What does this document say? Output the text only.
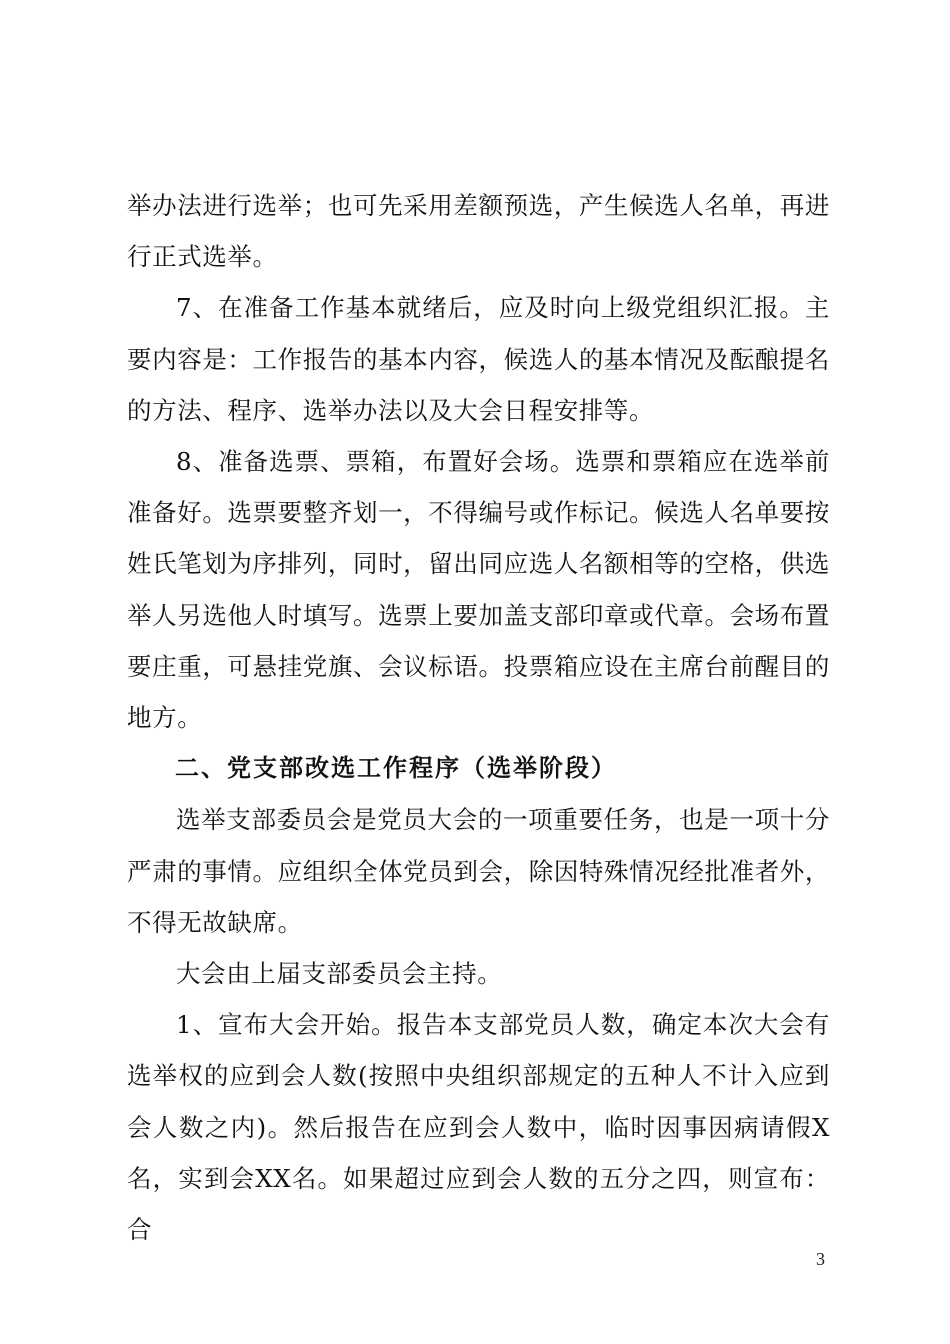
举办法进行选举；也可先采用差额预选，产生候选人名单，再进行正式选举。

7、在准备工作基本就绪后，应及时向上级党组织汇报。主要内容是：工作报告的基本内容，候选人的基本情况及酝酿提名的方法、程序、选举办法以及大会日程安排等。

8、准备选票、票箱，布置好会场。选票和票箱应在选举前准备好。选票要整齐划一，不得编号或作标记。候选人名单要按姓氏笔划为序排列，同时，留出同应选人名额相等的空格，供选举人另选他人时填写。选票上要加盖支部印章或代章。会场布置要庄重，可悬挂党旗、会议标语。投票箱应设在主席台前醒目的地方。

二、党支部改选工作程序（选举阶段）

选举支部委员会是党员大会的一项重要任务，也是一项十分严肃的事情。应组织全体党员到会，除因特殊情况经批准者外，不得无故缺席。

大会由上届支部委员会主持。

1、宣布大会开始。报告本支部党员人数，确定本次大会有选举权的应到会人数(按照中央组织部规定的五种人不计入应到会人数之内)。然后报告在应到会人数中，临时因事因病请假X名，实到会XX名。如果超过应到会人数的五分之四，则宣布：合

3
